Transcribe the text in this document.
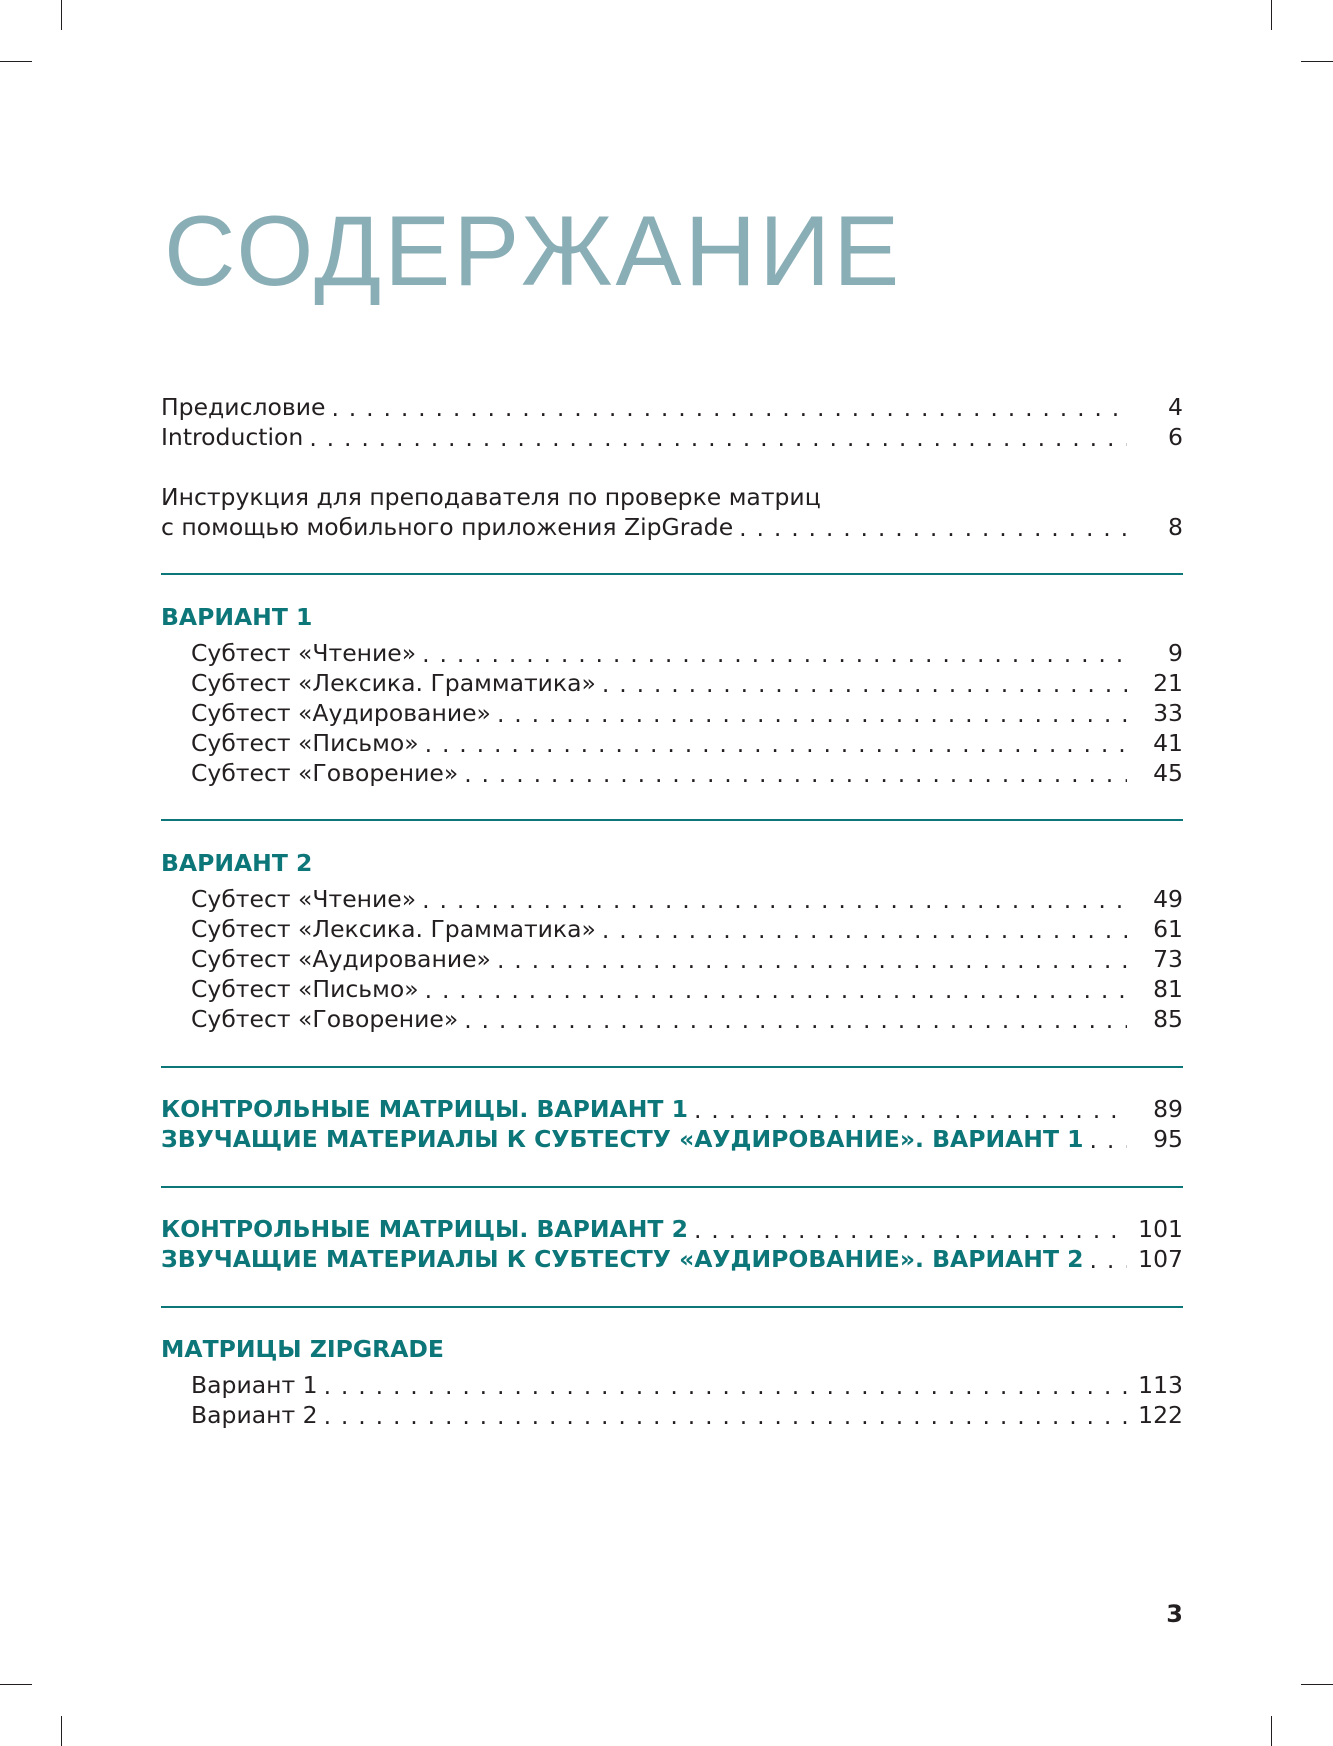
СОДЕРЖАНИЕ
Предисловие . . .	4
Introduction . . .	6
Инструкция для преподавателя по проверке матриц
с помощью мобильного приложения ZipGrade . . .	8
ВАРИАНТ 1
Субтест «Чтение» . . .	9
Субтест «Лексика. Грамматика» . . .	21
Субтест «Аудирование» . . .	33
Субтест «Письмо» . . .	41
Субтест «Говорение» . . .	45
ВАРИАНТ 2
Субтест «Чтение» . . .	49
Субтест «Лексика. Грамматика» . . .	61
Субтест «Аудирование» . . .	73
Субтест «Письмо» . . .	81
Субтест «Говорение» . . .	85
КОНТРОЛЬНЫЕ МАТРИЦЫ. ВАРИАНТ 1 . . .	89
ЗВУЧАЩИЕ МАТЕРИАЛЫ К СУБТЕСТУ «АУДИРОВАНИЕ». ВАРИАНТ 1 . . .	95
КОНТРОЛЬНЫЕ МАТРИЦЫ. ВАРИАНТ 2 . . .	101
ЗВУЧАЩИЕ МАТЕРИАЛЫ К СУБТЕСТУ «АУДИРОВАНИЕ». ВАРИАНТ 2 . . . 107
МАТРИЦЫ ZIPGRADE
Вариант 1 . . .	113
Вариант 2 . . .	122
3
